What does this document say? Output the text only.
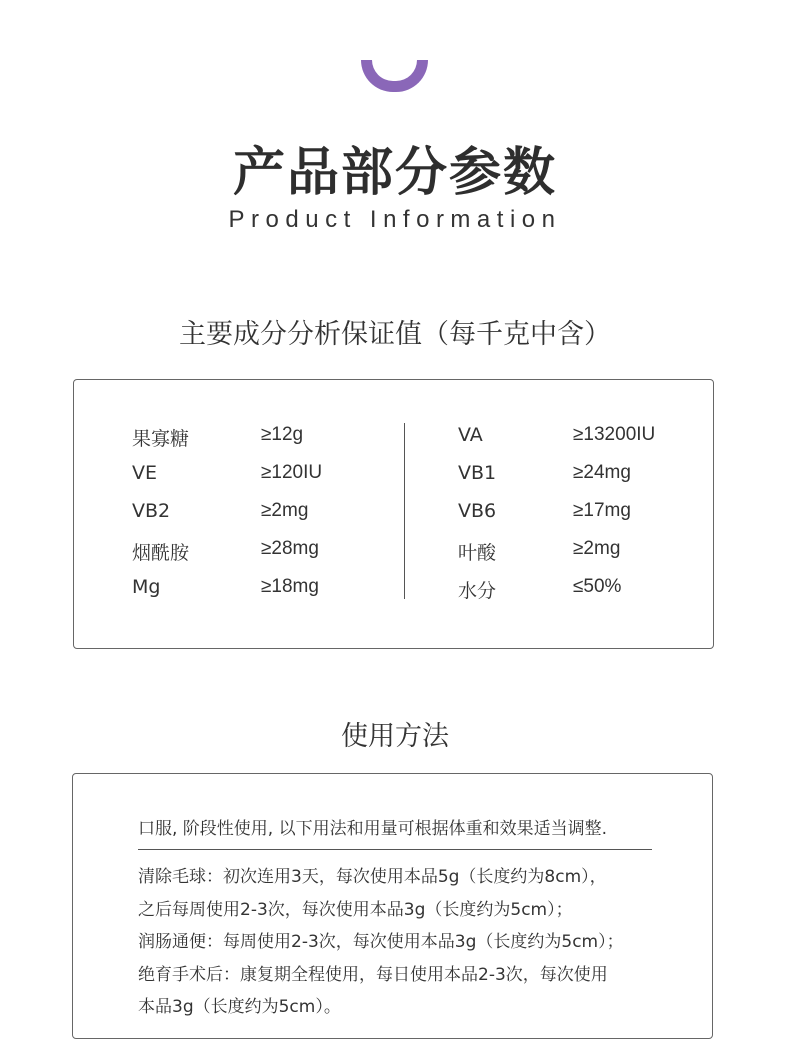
产品部分参数
Product Information
主要成分分析保证值（每千克中含）
果寡糖	≥12g
VE	≥120IU
VB2	≥2mg
烟酰胺	≥28mg
Mg	≥18mg
VA	≥13200IU
VB1	≥24mg
VB6	≥17mg
叶酸	≥2mg
水分	≤50%
使用方法
口服, 阶段性使用, 以下用法和用量可根据体重和效果适当调整.
清除毛球：初次连用3天，每次使用本品5g（长度约为8cm），
之后每周使用2-3次，每次使用本品3g（长度约为5cm）；
润肠通便：每周使用2-3次，每次使用本品3g（长度约为5cm）；
绝育手术后：康复期全程使用，每日使用本品2-3次，每次使用
本品3g（长度约为5cm）。
